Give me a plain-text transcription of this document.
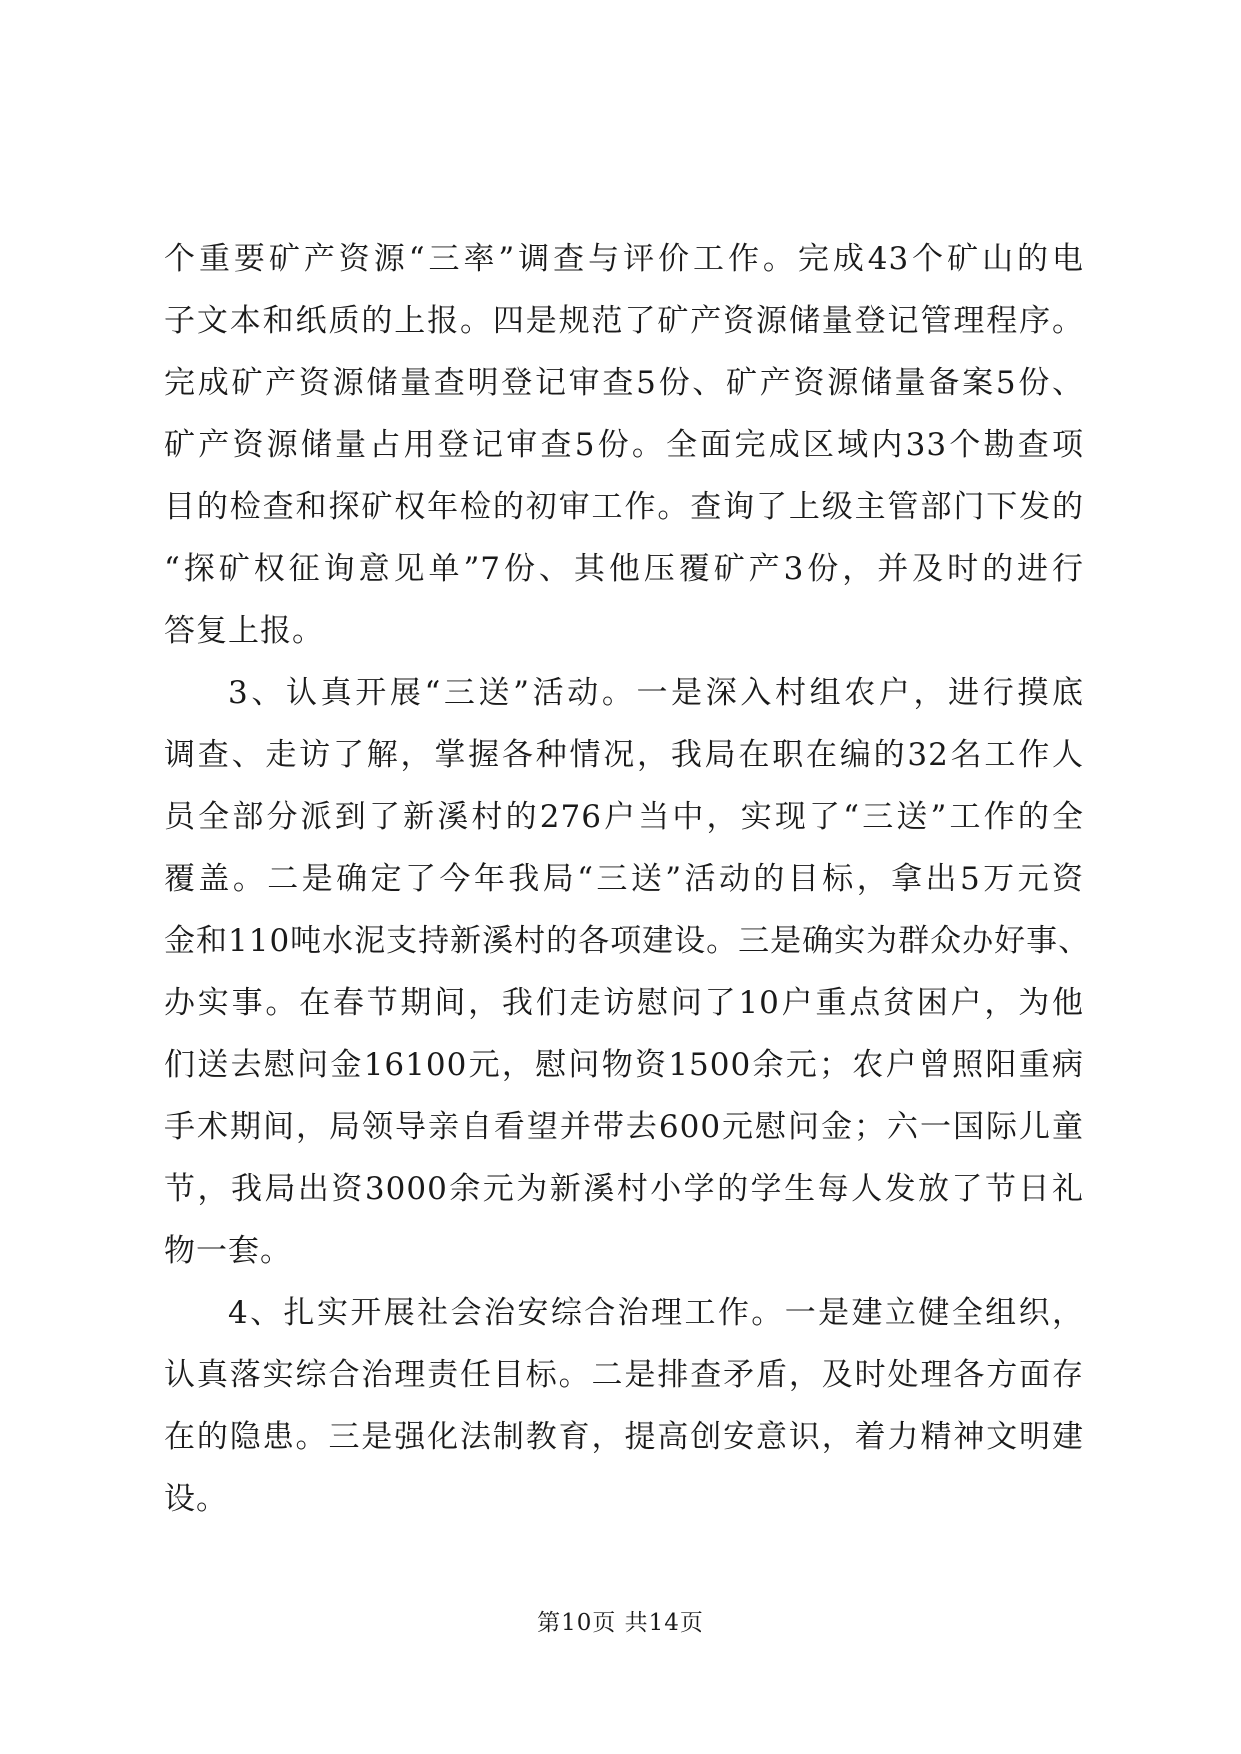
个重要矿产资源“三率”调查与评价工作。完成43个矿山的电
子文本和纸质的上报。四是规范了矿产资源储量登记管理程序。
完成矿产资源储量查明登记审查5份、矿产资源储量备案5份、
矿产资源储量占用登记审查5份。全面完成区域内33个勘查项
目的检查和探矿权年检的初审工作。查询了上级主管部门下发的
“探矿权征询意见单”7份、其他压覆矿产3份，并及时的进行
答复上报。
3、认真开展“三送”活动。一是深入村组农户，进行摸底
调查、走访了解，掌握各种情况，我局在职在编的32名工作人
员全部分派到了新溪村的276户当中，实现了“三送”工作的全
覆盖。二是确定了今年我局“三送”活动的目标，拿出5万元资
金和110吨水泥支持新溪村的各项建设。三是确实为群众办好事、
办实事。在春节期间，我们走访慰问了10户重点贫困户，为他
们送去慰问金16100元，慰问物资1500余元；农户曾照阳重病
手术期间，局领导亲自看望并带去600元慰问金；六一国际儿童
节，我局出资3000余元为新溪村小学的学生每人发放了节日礼
物一套。
4、扎实开展社会治安综合治理工作。一是建立健全组织，
认真落实综合治理责任目标。二是排查矛盾，及时处理各方面存
在的隐患。三是强化法制教育，提高创安意识，着力精神文明建
设。
第10页 共14页
